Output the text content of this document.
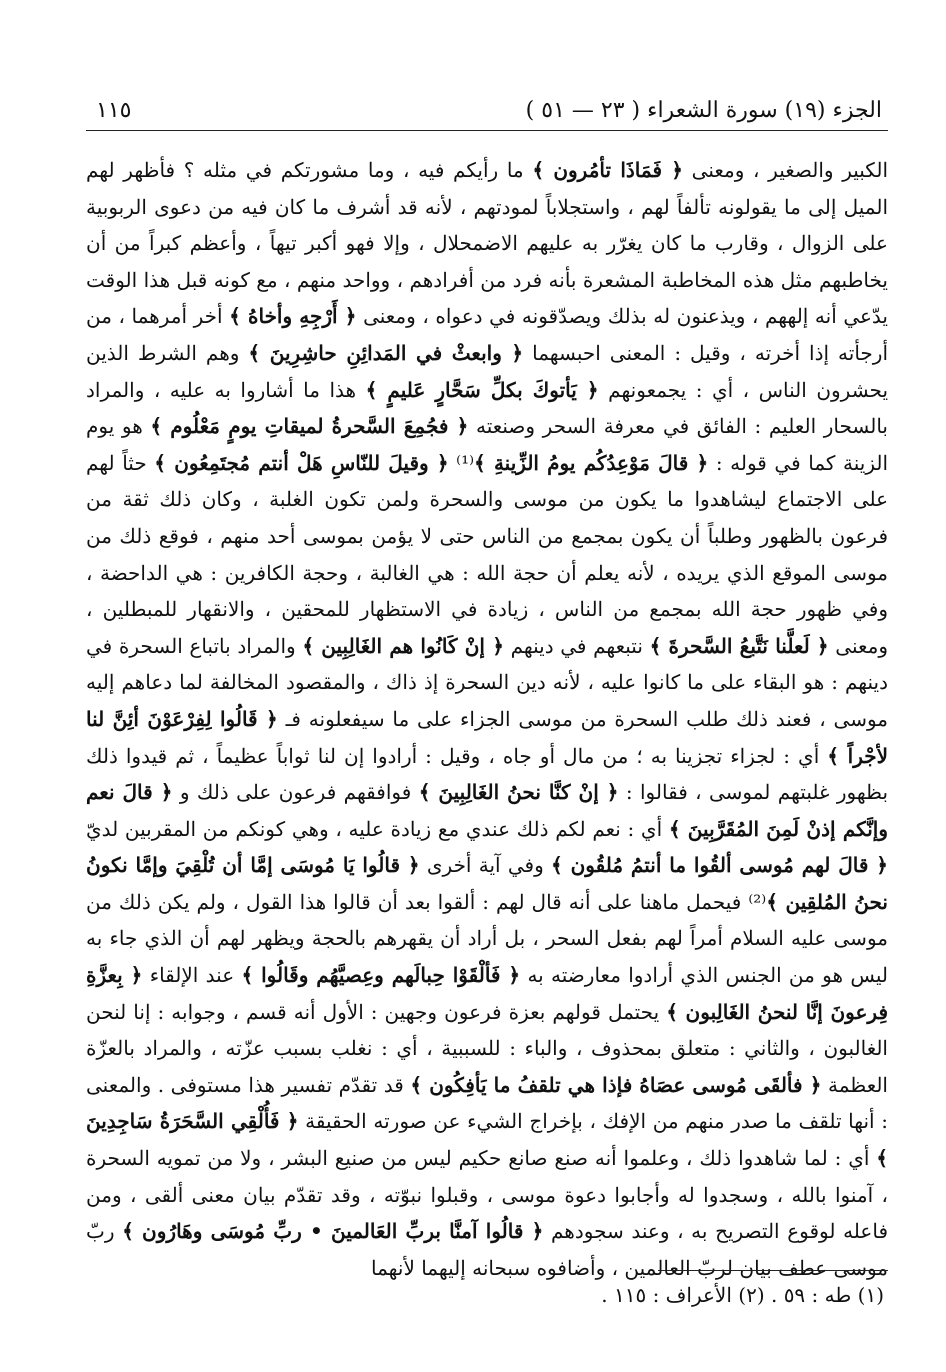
الجزء (١٩) سورة الشعراء ( ٢٣ — ٥١ )
١١٥

الكبير والصغير ، ومعنى ﴿ فَمَاذَا تأمُرون ﴾ ما رأيكم فيه ، وما مشورتكم في مثله ؟ فأظهر لهم الميل إلى ما يقولونه تألفاً لهم ، واستجلاباً لمودتهم ، لأنه قد أشرف ما كان فيه من دعوى الربوبية على الزوال ، وقارب ما كان يغرّر به عليهم الاضمحلال ، وإلا فهو أكبر تيهاً ، وأعظم كبراً من أن يخاطبهم مثل هذه المخاطبة المشعرة بأنه فرد من أفرادهم ، وواحد منهم ، مع كونه قبل هذا الوقت يدّعي أنه إلههم ، ويذعنون له بذلك ويصدّقونه في دعواه ، ومعنى ﴿ أَرْجِهِ وأخاهُ ﴾ أخر أمرهما ، من أرجأته إذا أخرته ، وقيل : المعنى احبسهما ﴿ وابعثْ في المَدائِنِ حاشِرِينَ ﴾ وهم الشرط الذين يحشرون الناس ، أي : يجمعونهم ﴿ يَأتوكَ بكلِّ سَحَّارٍ عَليمٍ ﴾ هذا ما أشاروا به عليه ، والمراد بالسحار العليم : الفائق في معرفة السحر وصنعته ﴿ فجُمِعَ السَّحرةُ لميقاتِ يومٍ مَعْلُوم ﴾ هو يوم الزينة كما في قوله : ﴿ قالَ مَوْعِدُكُم يومُ الزِّينةِ ﴾⁽¹⁾ ﴿ وقيلَ للنّاسِ هَلْ أنتم مُجتَمِعُون ﴾ حثاً لهم على الاجتماع ليشاهدوا ما يكون من موسى والسحرة ولمن تكون الغلبة ، وكان ذلك ثقة من فرعون بالظهور وطلباً أن يكون بمجمع من الناس حتى لا يؤمن بموسى أحد منهم ، فوقع ذلك من موسى الموقع الذي يريده ، لأنه يعلم أن حجة الله : هي الغالبة ، وحجة الكافرين : هي الداحضة ، وفي ظهور حجة الله بمجمع من الناس ، زيادة في الاستظهار للمحقين ، والانقهار للمبطلين ، ومعنى ﴿ لَعلَّنا نَتَّبعُ السَّحرةَ ﴾ نتبعهم في دينهم ﴿ إنْ كَانُوا هم الغَالِبِين ﴾ والمراد باتباع السحرة في دينهم : هو البقاء على ما كانوا عليه ، لأنه دين السحرة إذ ذاك ، والمقصود المخالفة لما دعاهم إليه موسى ، فعند ذلك طلب السحرة من موسى الجزاء على ما سيفعلونه فـ ﴿ قَالُوا لِفِرْعَوْنَ أئِنَّ لنا لأجْراً ﴾ أي : لجزاء تجزينا به ؛ من مال أو جاه ، وقيل : أرادوا إن لنا ثواباً عظيماً ، ثم قيدوا ذلك بظهور غلبتهم لموسى ، فقالوا : ﴿ إنْ كنَّا نحنُ الغَالِبِينَ ﴾ فوافقهم فرعون على ذلك و ﴿ قالَ نعم وإنَّكم إذنْ لَمِنَ المُقَرَّبِينَ ﴾ أي : نعم لكم ذلك عندي مع زيادة عليه ، وهي كونكم من المقربين لديّ ﴿ قالَ لهم مُوسى ألقُوا ما أنتمُ مُلقُون ﴾ وفي آية أخرى ﴿ قالُوا يَا مُوسَى إمَّا أن تُلْقِيَ وإمَّا نكونُ نحنُ المُلقِين ﴾⁽²⁾ فيحمل ماهنا على أنه قال لهم : ألقوا بعد أن قالوا هذا القول ، ولم يكن ذلك من موسى عليه السلام أمراً لهم بفعل السحر ، بل أراد أن يقهرهم بالحجة ويظهر لهم أن الذي جاء به ليس هو من الجنس الذي أرادوا معارضته به ﴿ فَألْقَوْا حِبالَهم وعِصيَّهُم وقَالُوا ﴾ عند الإلقاء ﴿ بِعزَّةِ فِرعونَ إنَّا لنحنُ الغَالِبون ﴾ يحتمل قولهم بعزة فرعون وجهين : الأول أنه قسم ، وجوابه : إنا لنحن الغالبون ، والثاني : متعلق بمحذوف ، والباء : للسببية ، أي : نغلب بسبب عزّته ، والمراد بالعزّة العظمة ﴿ فألقَى مُوسى عصَاهُ فإذا هي تلقفُ ما يَأفِكُون ﴾ قد تقدّم تفسير هذا مستوفى . والمعنى : أنها تلقف ما صدر منهم من الإفك ، بإخراج الشيء عن صورته الحقيقة ﴿ فَأُلْقِي السَّحَرَةُ سَاجِدِينَ ﴾ أي : لما شاهدوا ذلك ، وعلموا أنه صنع صانع حكيم ليس من صنيع البشر ، ولا من تمويه السحرة ، آمنوا بالله ، وسجدوا له وأجابوا دعوة موسى ، وقبلوا نبوّته ، وقد تقدّم بيان معنى ألقى ، ومن فاعله لوقوع التصريح به ، وعند سجودهم ﴿ قالُوا آمنَّا بربِّ العَالمينَ • ربِّ مُوسَى وهَارُون ﴾ ربّ موسى عطف بيان لربّ العالمين ، وأضافوه سبحانه إليهما لأنهما

(١) طه : ٥٩ . (٢) الأعراف : ١١٥ .
